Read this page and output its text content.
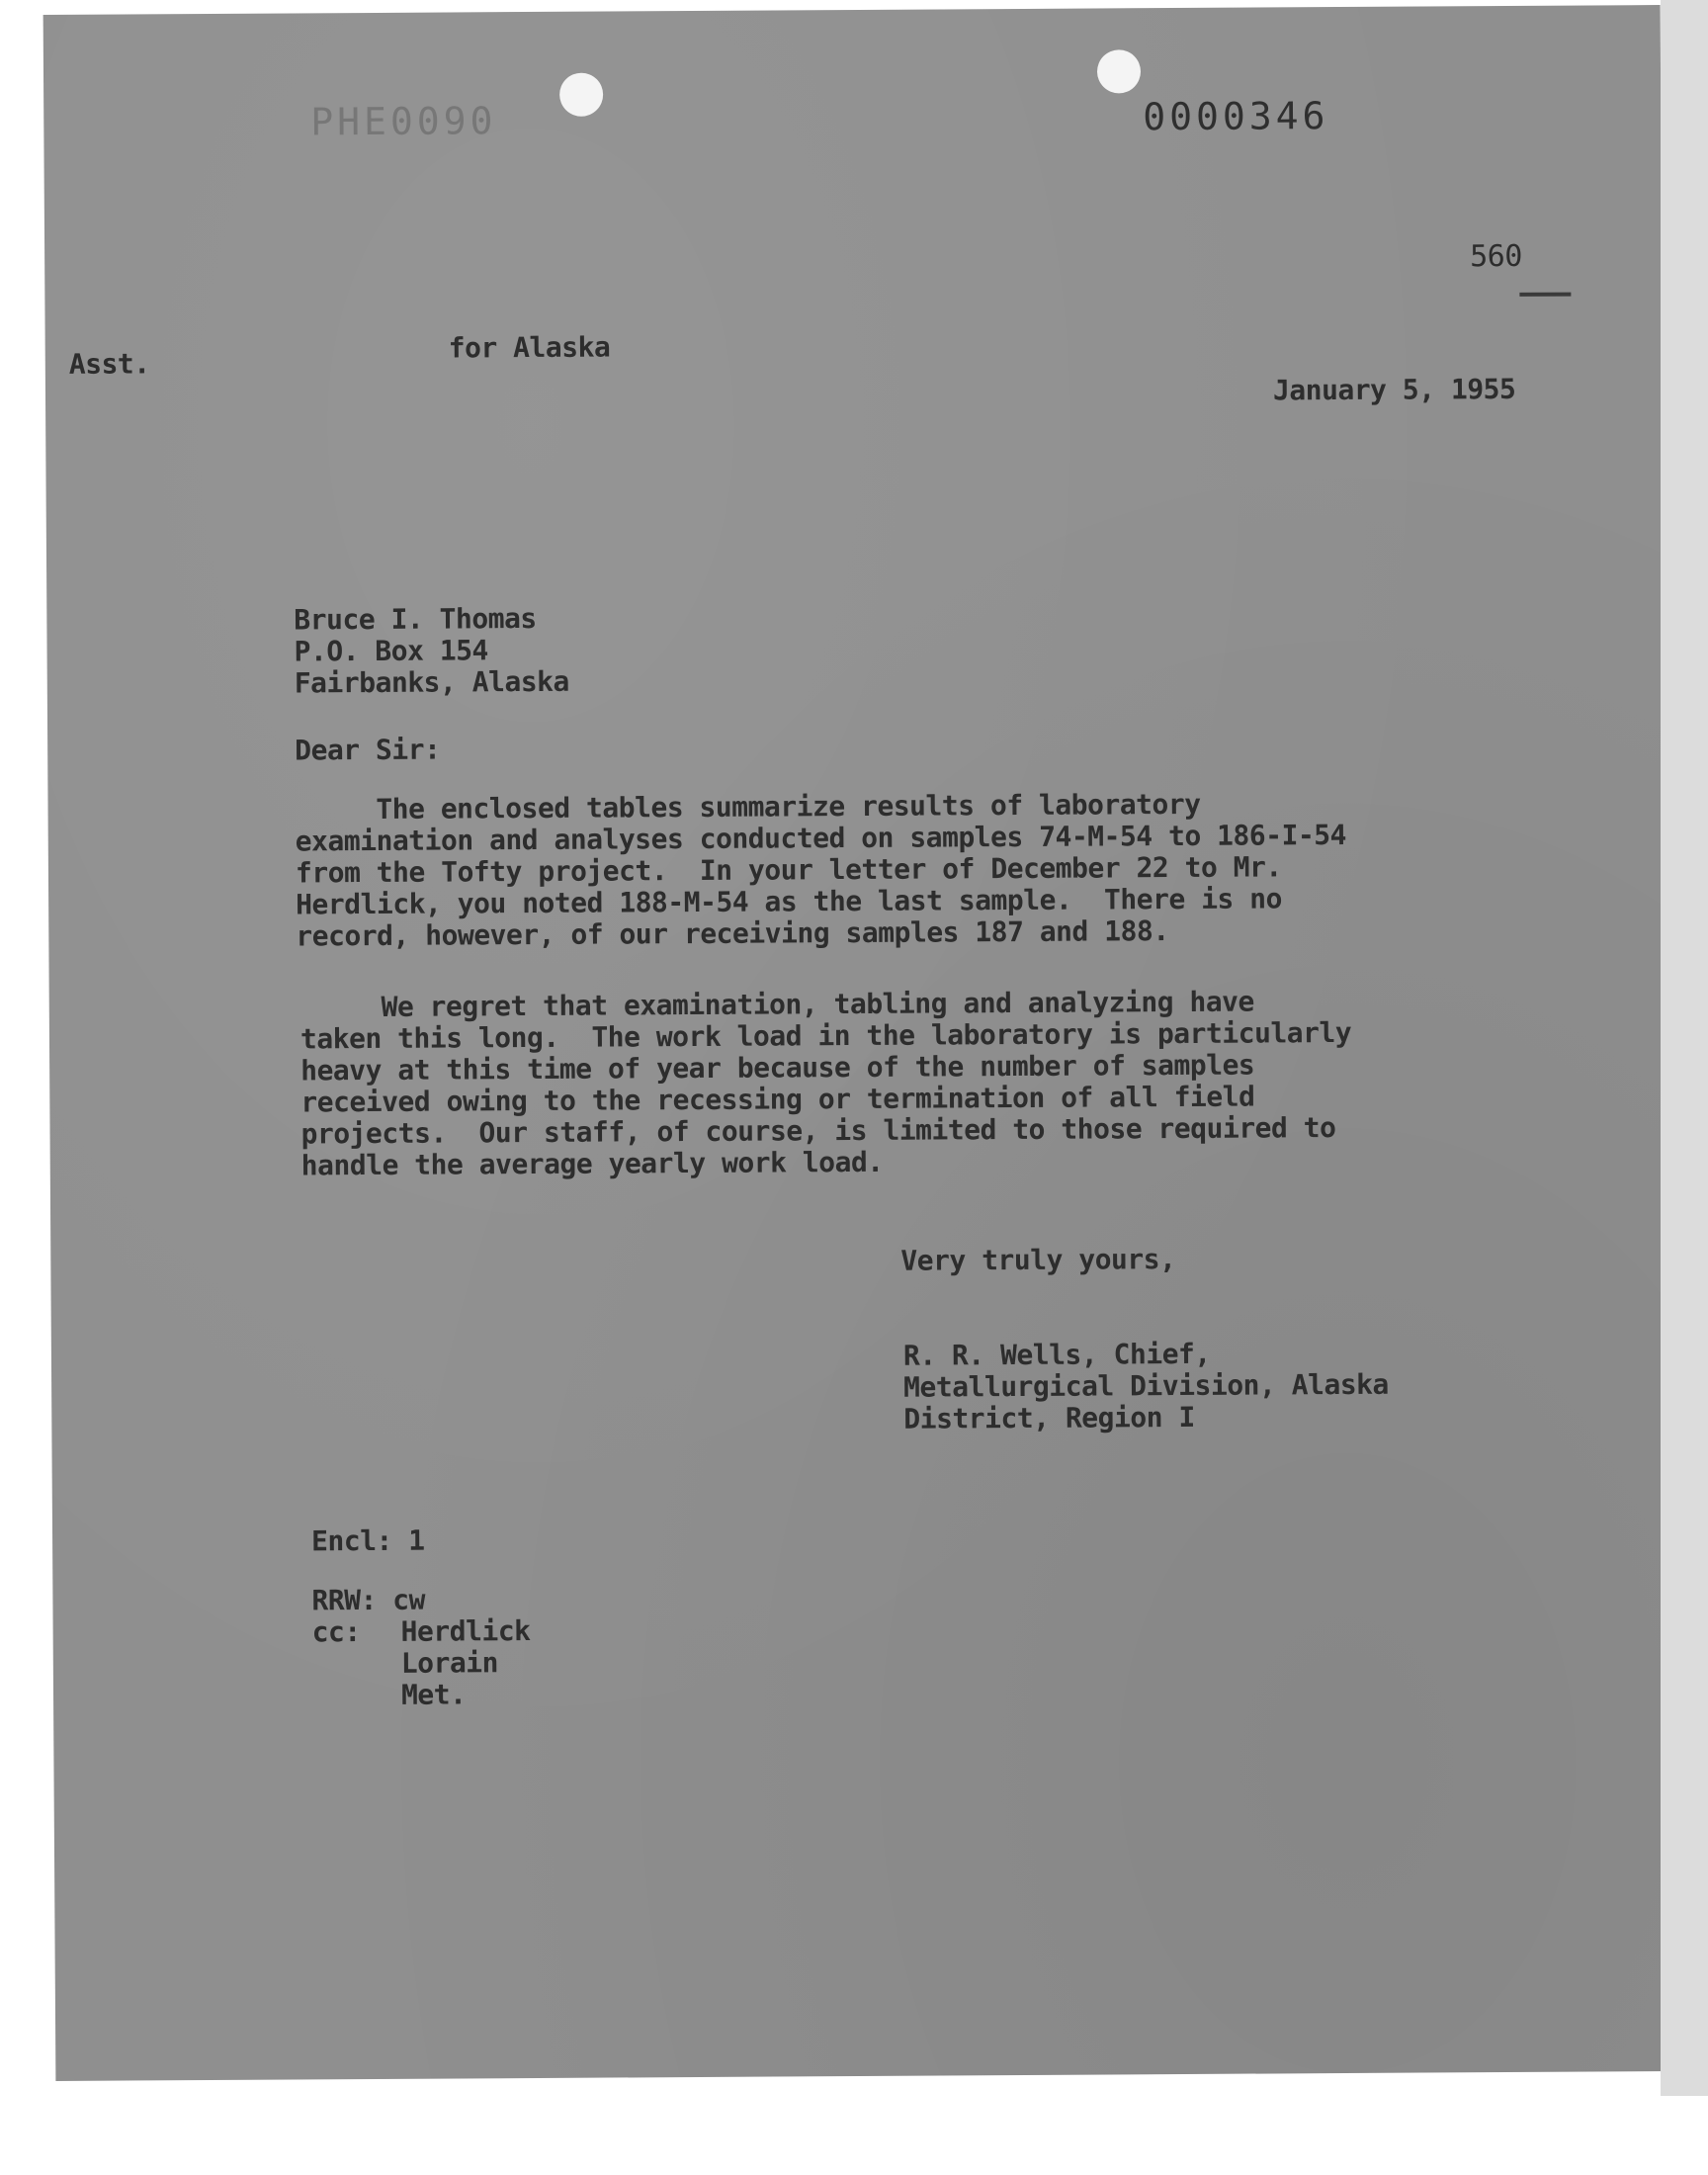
PHE0090	0000346
560
Asst.	for Alaska
January 5, 1955
Bruce I. Thomas
P.O. Box 154
Fairbanks, Alaska
Dear Sir:
The enclosed tables summarize results of laboratory
examination and analyses conducted on samples 74-M-54 to 186-I-54
from the Tofty project.  In your letter of December 22 to Mr.
Herdlick, you noted 188-M-54 as the last sample.  There is no
record, however, of our receiving samples 187 and 188.
We regret that examination, tabling and analyzing have
taken this long.  The work load in the laboratory is particularly
heavy at this time of year because of the number of samples
received owing to the recessing or termination of all field
projects.  Our staff, of course, is limited to those required to
handle the average yearly work load.
Very truly yours,
R. R. Wells, Chief,
Metallurgical Division, Alaska
District, Region I
Encl: 1
RRW: cw
cc: Herdlick
Lorain
Met.
